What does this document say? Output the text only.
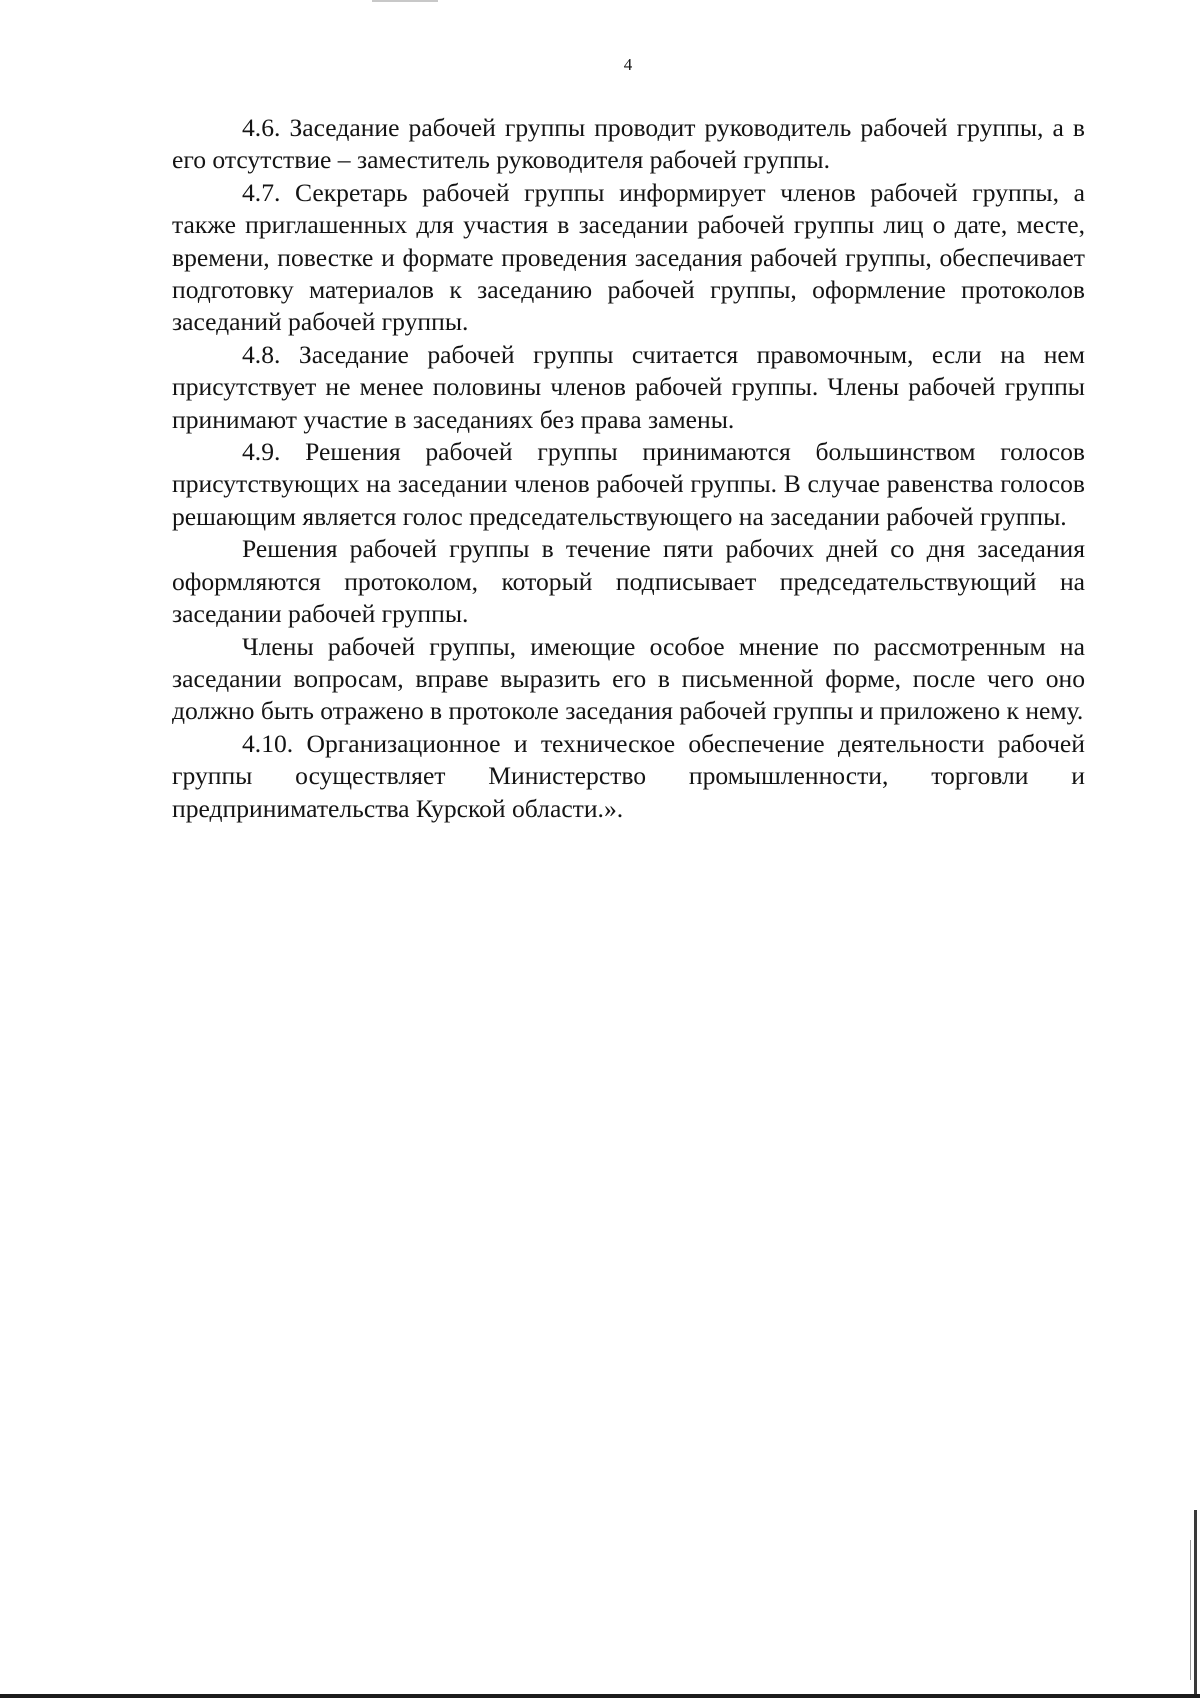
4

4.6. Заседание рабочей группы проводит руководитель рабочей группы, а в его отсутствие – заместитель руководителя рабочей группы.

4.7. Секретарь рабочей группы информирует членов рабочей группы, а также приглашенных для участия в заседании рабочей группы лиц о дате, месте, времени, повестке и формате проведения заседания рабочей группы, обеспечивает подготовку материалов к заседанию рабочей группы, оформление протоколов заседаний рабочей группы.

4.8. Заседание рабочей группы считается правомочным, если на нем присутствует не менее половины членов рабочей группы. Члены рабочей группы принимают участие в заседаниях без права замены.

4.9. Решения рабочей группы принимаются большинством голосов присутствующих на заседании членов рабочей группы. В случае равенства голосов решающим является голос председательствующего на заседании рабочей группы.

Решения рабочей группы в течение пяти рабочих дней со дня заседания оформляются протоколом, который подписывает председательствующий на заседании рабочей группы.

Члены рабочей группы, имеющие особое мнение по рассмотренным на заседании вопросам, вправе выразить его в письменной форме, после чего оно должно быть отражено в протоколе заседания рабочей группы и приложено к нему.

4.10. Организационное и техническое обеспечение деятельности рабочей группы осуществляет Министерство промышленности, торговли и предпринимательства Курской области.».
